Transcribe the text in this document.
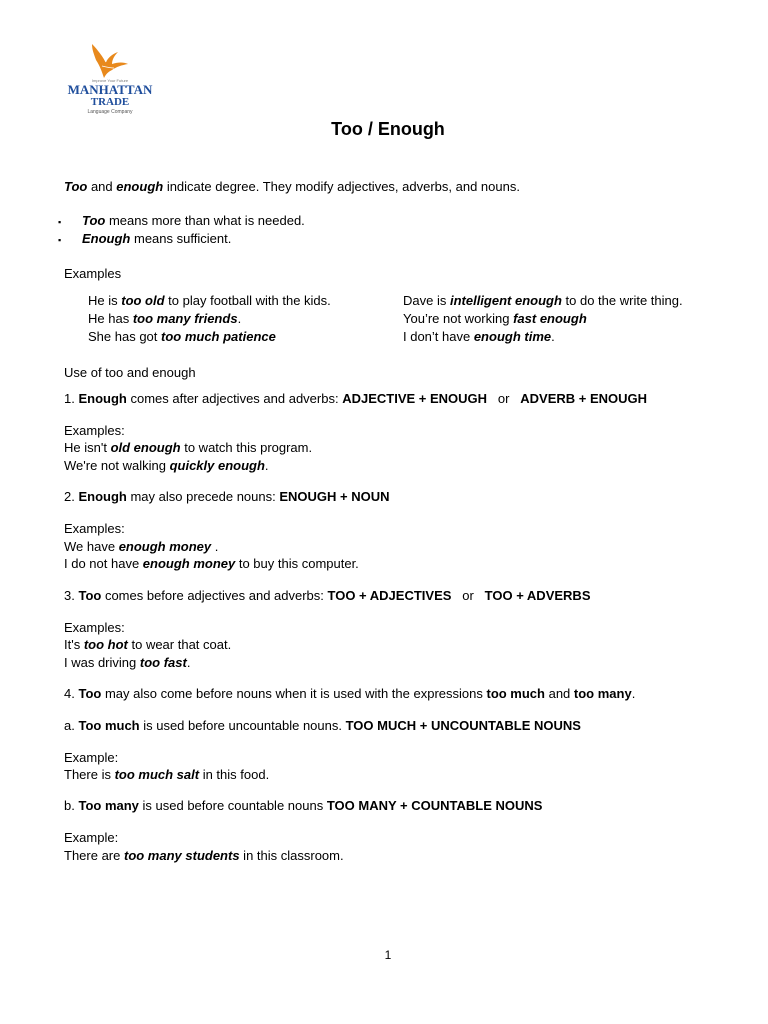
Improve Your Future
MANHATTAN
TRADE
Language Company
Too / Enough
Too and enough indicate degree. They modify adjectives, adverbs, and nouns.
▪ Too means more than what is needed.
▪ Enough means sufficient.
Examples
He is too old to play football with the kids.
He has too many friends.
She has got too much patience
Dave is intelligent enough to do the write thing.
You’re not working fast enough
I don’t have enough time.
Use of too and enough
1. Enough comes after adjectives and adverbs: ADJECTIVE + ENOUGH   or   ADVERB + ENOUGH
Examples:
He isn't old enough to watch this program.
We're not walking quickly enough.
2. Enough may also precede nouns: ENOUGH + NOUN
Examples:
We have enough money .
I do not have enough money to buy this computer.
3. Too comes before adjectives and adverbs: TOO + ADJECTIVES   or   TOO + ADVERBS
Examples:
It's too hot to wear that coat.
I was driving too fast.
4. Too may also come before nouns when it is used with the expressions too much and too many.
a. Too much is used before uncountable nouns. TOO MUCH + UNCOUNTABLE NOUNS
Example:
There is too much salt in this food.
b. Too many is used before countable nouns TOO MANY + COUNTABLE NOUNS
Example:
There are too many students in this classroom.
1
